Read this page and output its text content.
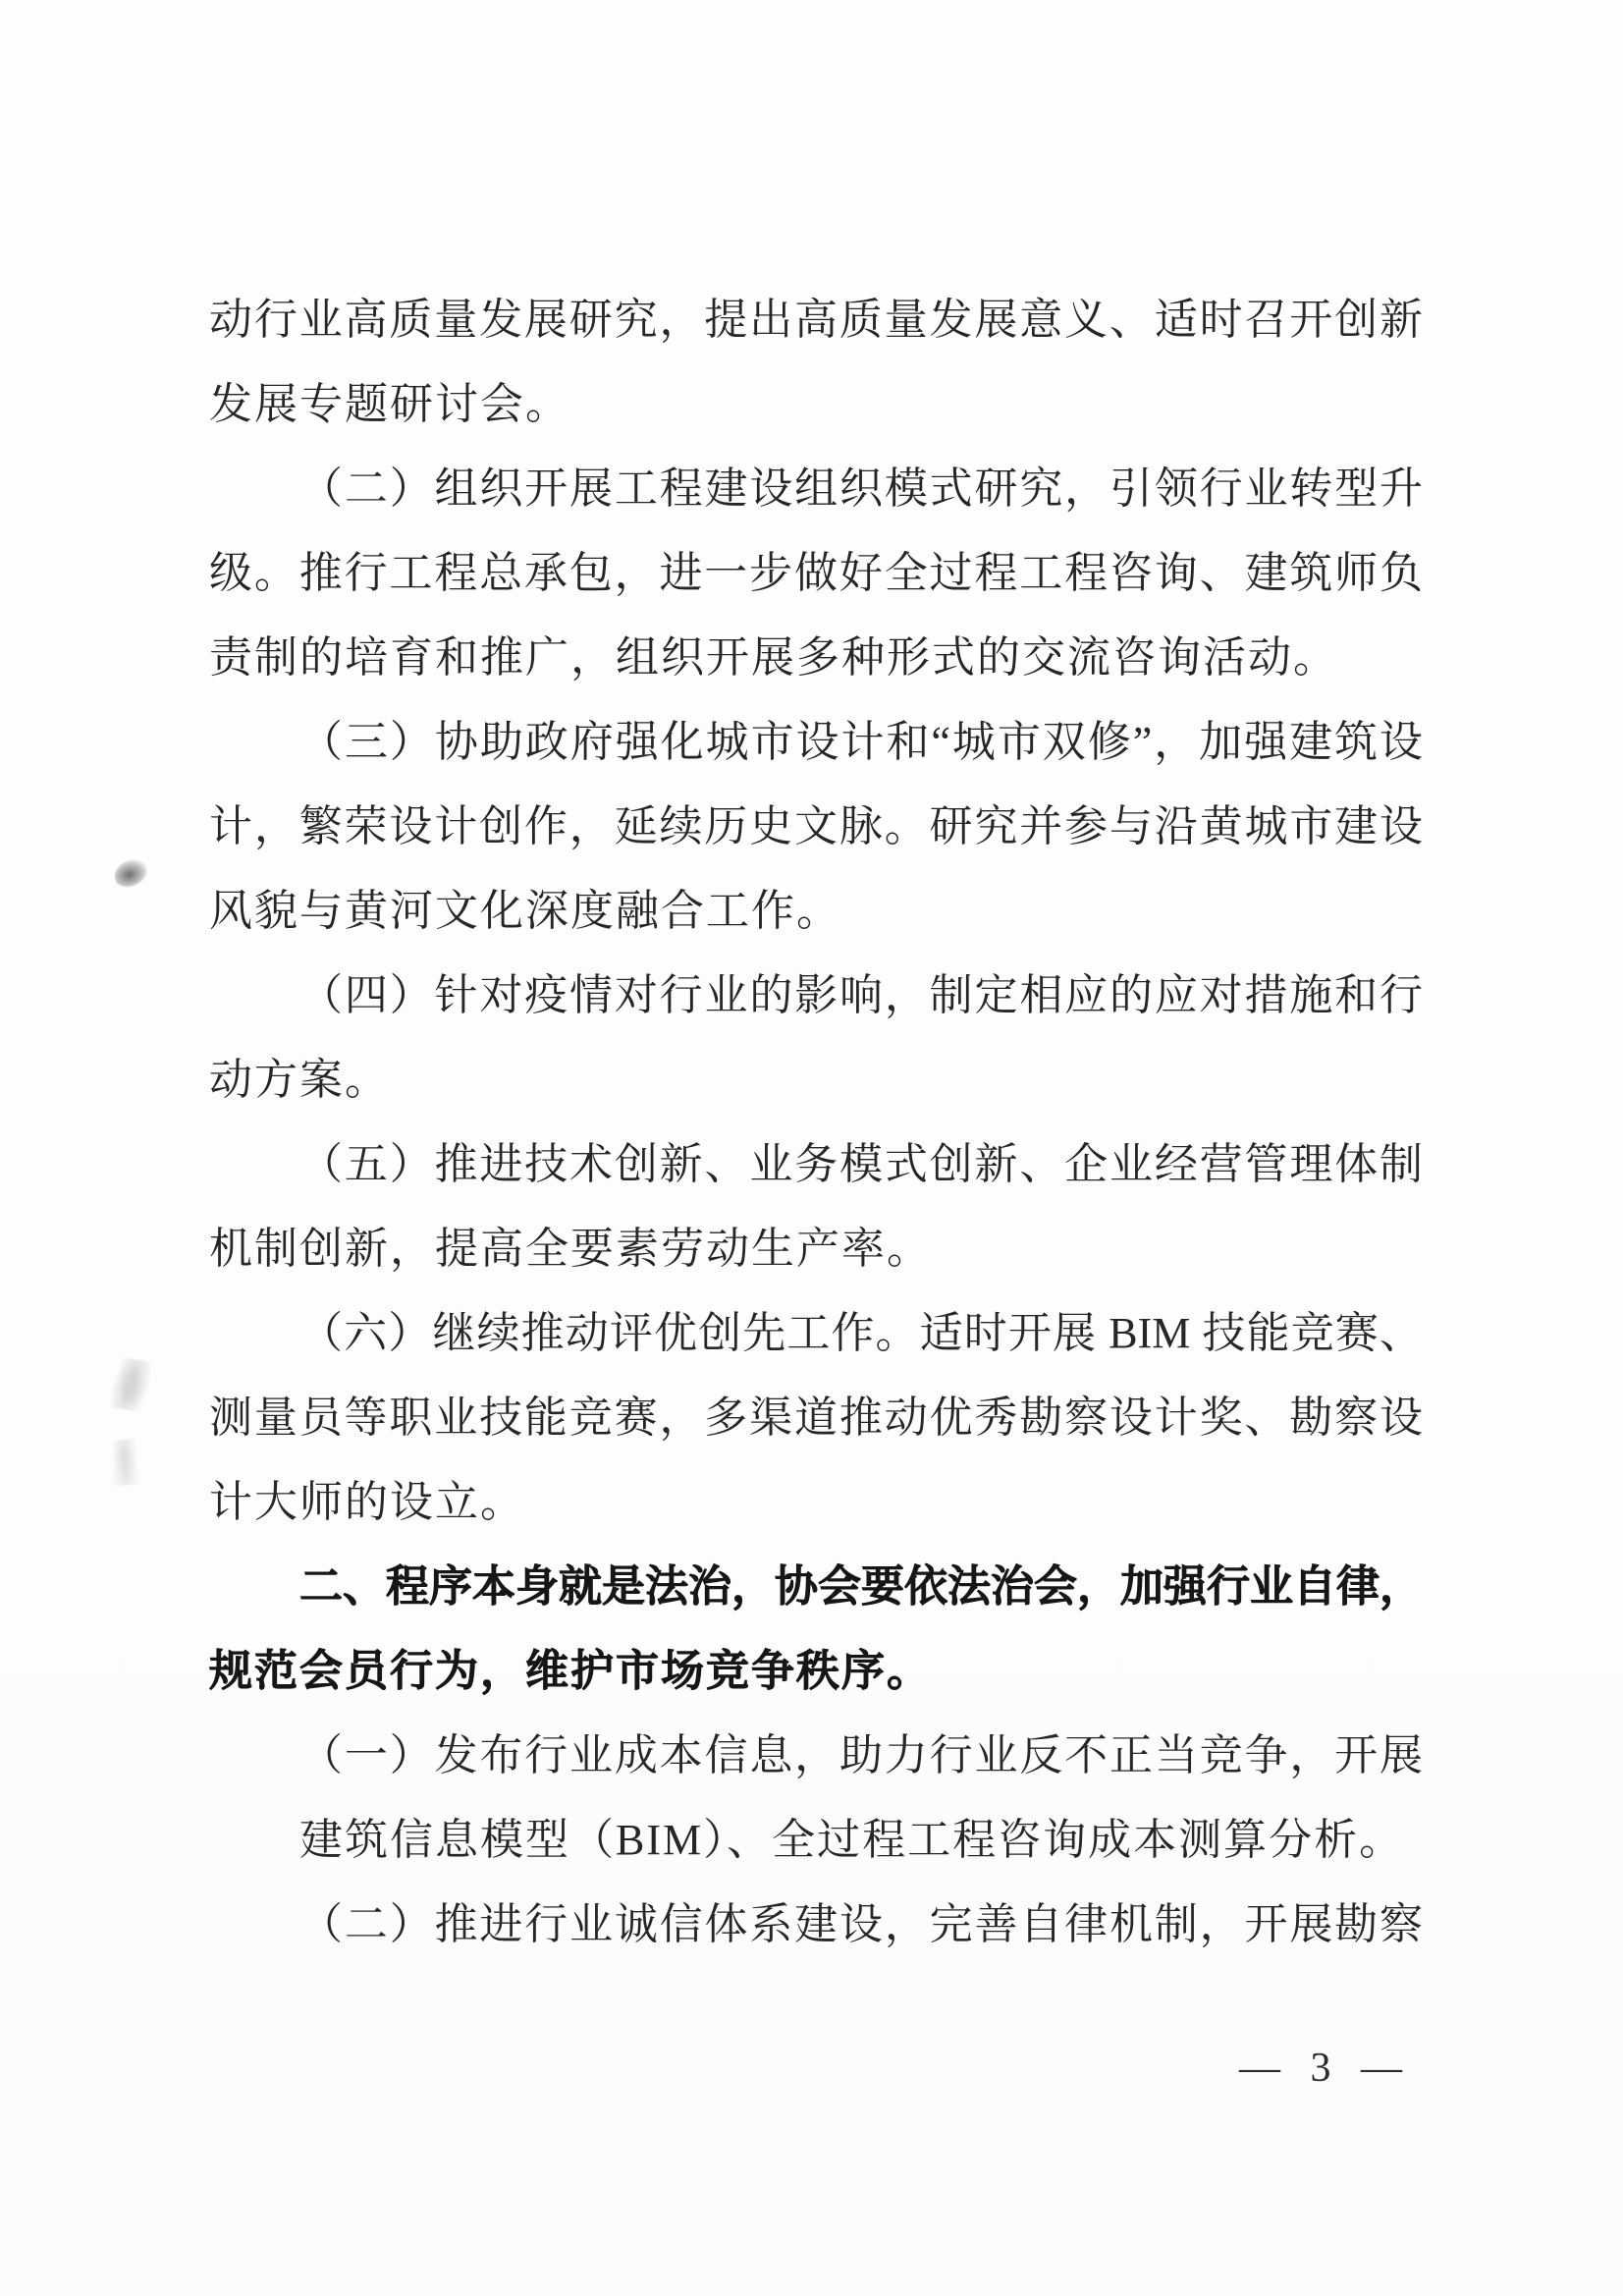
动行业高质量发展研究，提出高质量发展意义、适时召开创新
发展专题研讨会。
（二）组织开展工程建设组织模式研究，引领行业转型升
级。推行工程总承包，进一步做好全过程工程咨询、建筑师负
责制的培育和推广，组织开展多种形式的交流咨询活动。
（三）协助政府强化城市设计和“城市双修”，加强建筑设
计，繁荣设计创作，延续历史文脉。研究并参与沿黄城市建设
风貌与黄河文化深度融合工作。
（四）针对疫情对行业的影响，制定相应的应对措施和行
动方案。
（五）推进技术创新、业务模式创新、企业经营管理体制
机制创新，提高全要素劳动生产率。
（六）继续推动评优创先工作。适时开展 BIM 技能竞赛、
测量员等职业技能竞赛，多渠道推动优秀勘察设计奖、勘察设
计大师的设立。
二、程序本身就是法治，协会要依法治会，加强行业自律，
规范会员行为，维护市场竞争秩序。
（一）发布行业成本信息，助力行业反不正当竞争，开展
建筑信息模型（BIM）、全过程工程咨询成本测算分析。
（二）推进行业诚信体系建设，完善自律机制，开展勘察
— 3 —
